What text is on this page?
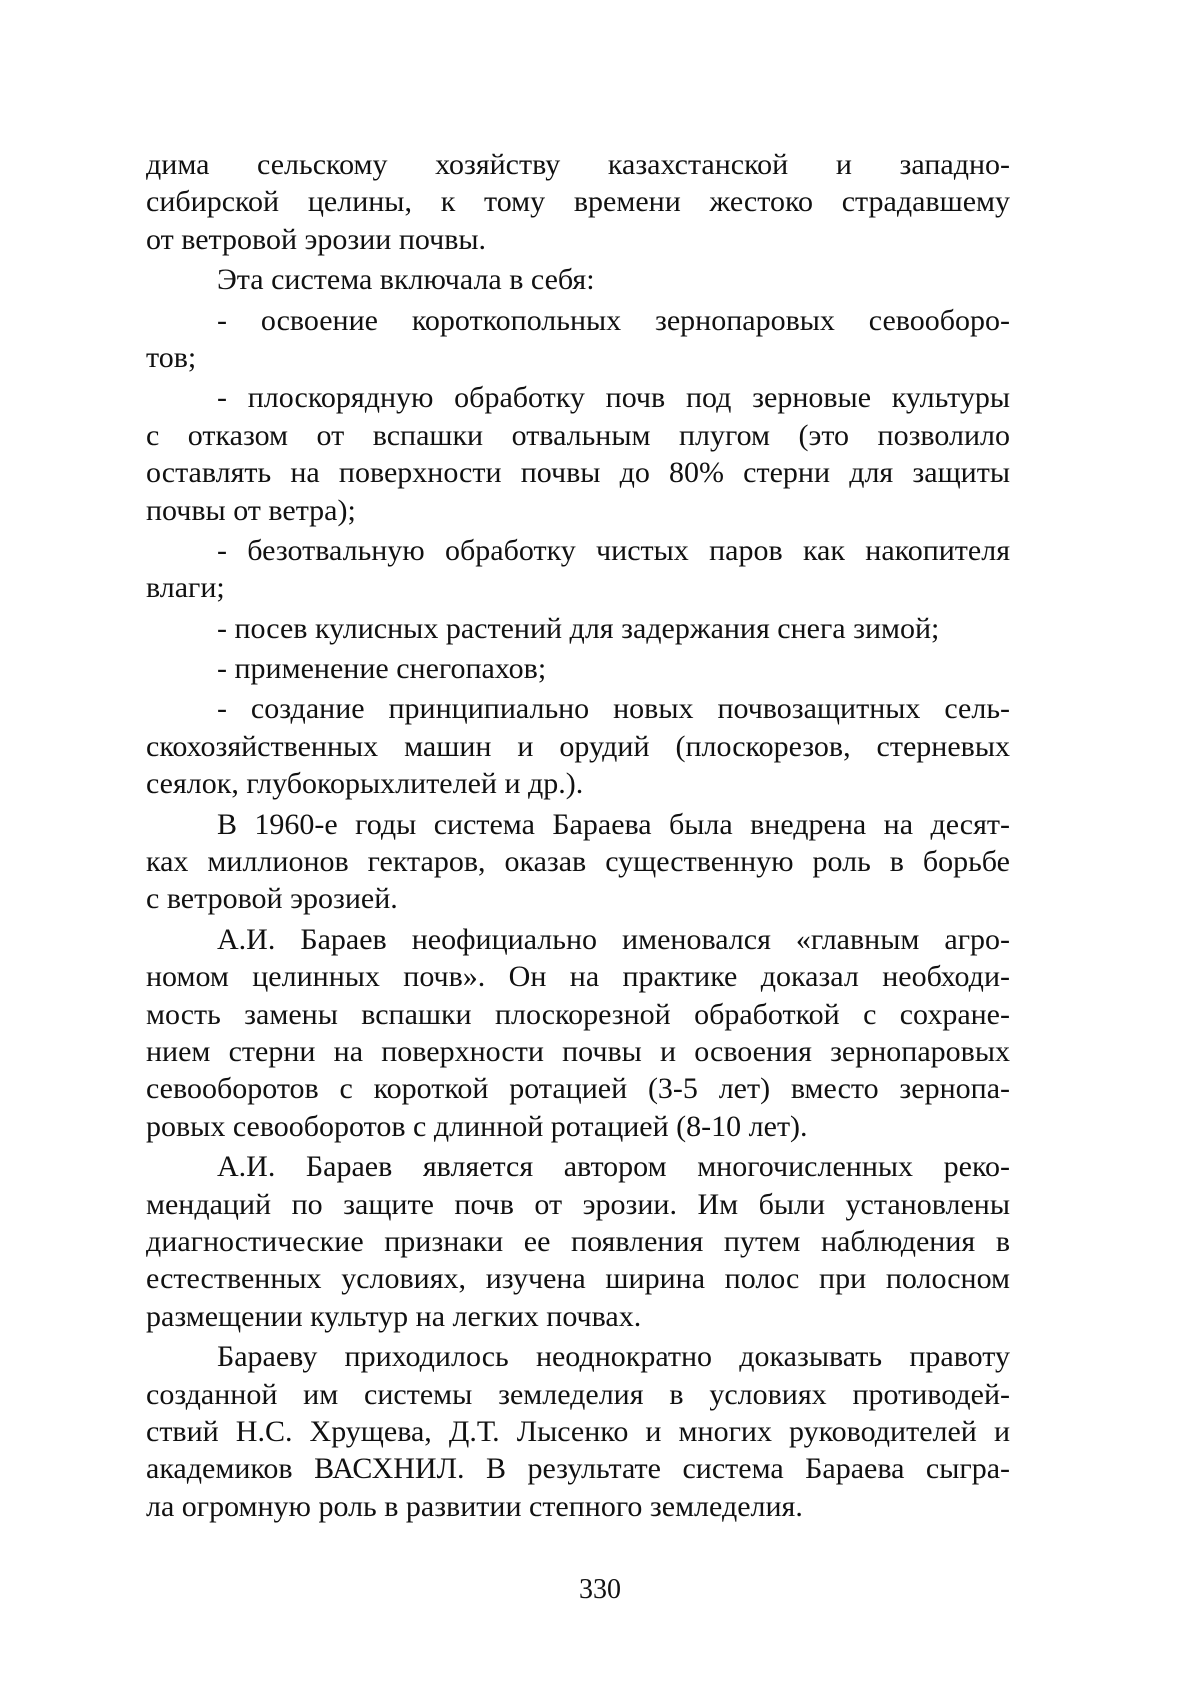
дима сельскому хозяйству казахстанской и западно-
сибирской целины, к тому времени жестоко страдавшему
от ветровой эрозии почвы.
Эта система включала в себя:
- освоение короткопольных зернопаровых севооборо-
тов;
- плоскорядную обработку почв под зерновые культуры
с отказом от вспашки отвальным плугом (это позволило
оставлять на поверхности почвы до 80% стерни для защиты
почвы от ветра);
- безотвальную обработку чистых паров как накопителя
влаги;
- посев кулисных растений для задержания снега зимой;
- применение снегопахов;
- создание принципиально новых почвозащитных сель-
скохозяйственных машин и орудий (плоскорезов, стерневых
сеялок, глубокорыхлителей и др.).
В 1960-е годы система Бараева была внедрена на десят-
ках миллионов гектаров, оказав существенную роль в борьбе
с ветровой эрозией.
А.И. Бараев неофициально именовался «главным агро-
номом целинных почв». Он на практике доказал необходи-
мость замены вспашки плоскорезной обработкой с сохране-
нием стерни на поверхности почвы и освоения зернопаровых
севооборотов с короткой ротацией (3-5 лет) вместо зернопа-
ровых севооборотов с длинной ротацией (8-10 лет).
А.И. Бараев является автором многочисленных реко-
мендаций по защите почв от эрозии. Им были установлены
диагностические признаки ее появления путем наблюдения в
естественных условиях, изучена ширина полос при полосном
размещении культур на легких почвах.
Бараеву приходилось неоднократно доказывать правоту
созданной им системы земледелия в условиях противодей-
ствий Н.С. Хрущева, Д.Т. Лысенко и многих руководителей и
академиков ВАСХНИЛ. В результате система Бараева сыгра-
ла огромную роль в развитии степного земледелия.
330
